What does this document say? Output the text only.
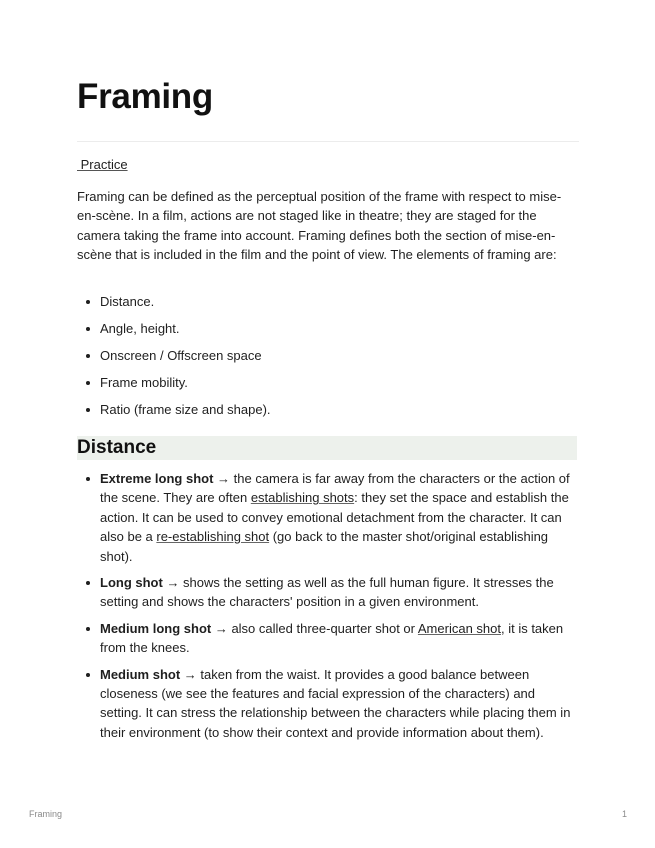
Framing
Practice

Framing can be defined as the perceptual position of the frame with respect to mise-en-scène. In a film, actions are not staged like in theatre; they are staged for the camera taking the frame into account. Framing defines both the section of mise-en-scène that is included in the film and the point of view. The elements of framing are:

Distance.
Angle, height.
Onscreen / Offscreen space
Frame mobility.
Ratio (frame size and shape).
Distance
Extreme long shot → the camera is far away from the characters or the action of the scene. They are often establishing shots: they set the space and establish the action. It can be used to convey emotional detachment from the character. It can also be a re-establishing shot (go back to the master shot/original establishing shot).
Long shot → shows the setting as well as the full human figure. It stresses the setting and shows the characters' position in a given environment.
Medium long shot → also called three-quarter shot or American shot, it is taken from the knees.
Medium shot → taken from the waist. It provides a good balance between closeness (we see the features and facial expression of the characters) and setting. It can stress the relationship between the characters while placing them in their environment (to show their context and provide information about them).
Framing	1
